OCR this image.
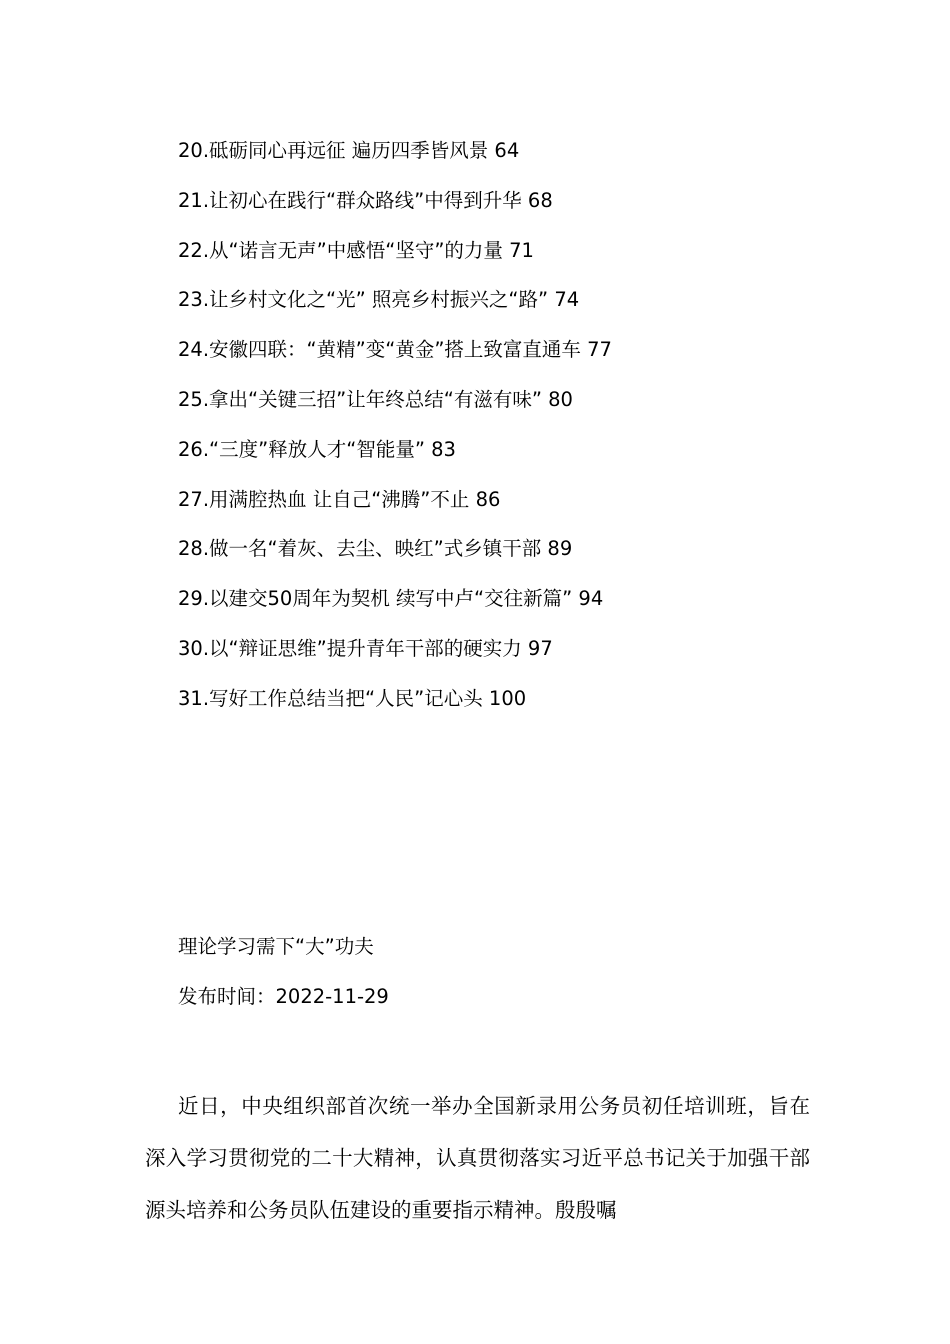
20.砥砺同心再远征 遍历四季皆风景 64
21.让初心在践行“群众路线”中得到升华 68
22.从“诺言无声”中感悟“坚守”的力量 71
23.让乡村文化之“光” 照亮乡村振兴之“路” 74
24.安徽四联：“黄精”变“黄金”搭上致富直通车 77
25.拿出“关键三招”让年终总结“有滋有味” 80
26.“三度”释放人才“智能量” 83
27.用满腔热血 让自己“沸腾”不止 86
28.做一名“着灰、去尘、映红”式乡镇干部 89
29.以建交50周年为契机 续写中卢“交往新篇” 94
30.以“辩证思维”提升青年干部的硬实力 97
31.写好工作总结当把“人民”记心头 100
理论学习需下“大”功夫
发布时间：2022-11-29

近日，中央组织部首次统一举办全国新录用公务员初任培训班，旨在深入学习贯彻党的二十大精神，认真贯彻落实习近平总书记关于加强干部源头培养和公务员队伍建设的重要指示精神。殷殷嘱
